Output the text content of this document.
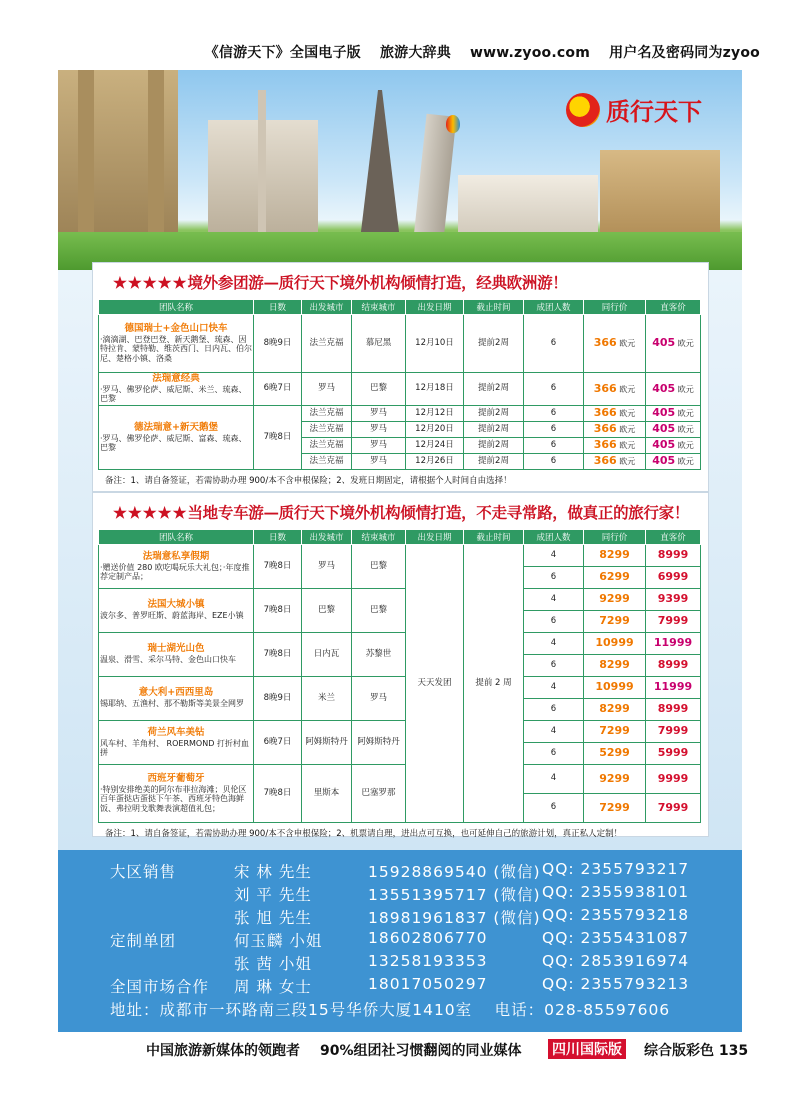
《信游天下》全国电子版 旅游大辞典 www.zyoo.com 用户名及密码同为zyoo
质行天下
★★★★★境外参团游—质行天下境外机构倾情打造，经典欧洲游！
团队名称	日数	出发城市	结束城市	出发日期	截止时间	成团人数	同行价	直客价

德国瑞士+金色山口快车
·滴滴湖、巴登巴登、新天鹅堡、琉森、因特拉肯、蒙特勒、维茨西门、日内瓦、伯尔尼、楚格小镇、洛桑	8晚9日	法兰克福	慕尼黑	12月10日	提前2周	6	366 欧元	405 欧元

法瑞意经典
·罗马、佛罗伦萨、威尼斯、米兰、琉森、巴黎	6晚7日	罗马	巴黎	12月18日	提前2周	6	366 欧元	405 欧元

德法瑞意+新天鹅堡
·罗马、佛罗伦萨、威尼斯、富森、琉森、巴黎	7晚8日	法兰克福	罗马	12月12日	提前2周	6	366 欧元	405 欧元
		法兰克福	罗马	12月20日	提前2周	6	366 欧元	405 欧元
		法兰克福	罗马	12月24日	提前2周	6	366 欧元	405 欧元
		法兰克福	罗马	12月26日	提前2周	6	366 欧元	405 欧元
备注：1、请自备签证，若需协助办理 900/本不含申根保险；2、发班日期固定，请根据个人时间自由选择！
★★★★★当地专车游—质行天下境外机构倾情打造，不走寻常路，做真正的旅行家！
团队名称	日数	出发城市	结束城市	出发日期	截止时间	成团人数	同行价	直客价

法瑞意私享假期
·赠送价值 280 欧吃喝玩乐大礼包；·年度推荐定制产品；	7晚8日	罗马	巴黎	天天发团	提前 2 周	4	8299	8999
						6	6299	6999

法国大城小镇
波尔多、普罗旺斯、蔚蓝海岸、EZE小镇	7晚8日	巴黎	巴黎			4	9299	9399
						6	7299	7999

瑞士湖光山色
温泉、滑雪、采尔马特、金色山口快车	7晚8日	日内瓦	苏黎世			4	10999	11999
						6	8299	8999

意大利+西西里岛
锡耶纳、五渔村、那不勒斯等美景全网罗	8晚9日	米兰	罗马			4	10999	11999
						6	8299	8999

荷兰风车美钻
风车村、羊角村、 ROERMOND 打折村血拼	6晚7日	阿姆斯特丹	阿姆斯特丹			4	7299	7999
						6	5299	5999

西班牙葡萄牙
·特别安排绝美的阿尔布菲拉海滩；贝伦区百年蛋挞店蛋挞下午茶、西班牙特色海鲜饭、弗拉明戈歌舞表演超值礼包；	7晚8日	里斯本	巴塞罗那			4	9299	9999
						6	7299	7999
备注：1、请自备签证，若需协助办理 900/本不含申根保险；2、机票请自理，进出点可互换，也可延伸自己的旅游计划，真正私人定制！
大区销售	宋 林 先生	15928869540 (微信) QQ: 2355793217
刘 平 先生	13551395717 (微信) QQ: 2355938101
张 旭 先生	18981961837 (微信) QQ: 2355793218
定制单团	何玉麟 小姐	18602806770	QQ: 2355431087
张 茜 小姐	13258193353	QQ: 2853916974
全国市场合作 周 琳 女士	18017050297	QQ: 2355793213
地址：成都市一环路南三段15号华侨大厦1410室　 电话：028-85597606
中国旅游新媒体的领跑者 90%组团社习惯翻阅的同业媒体 四川国际版 综合版彩色 135
